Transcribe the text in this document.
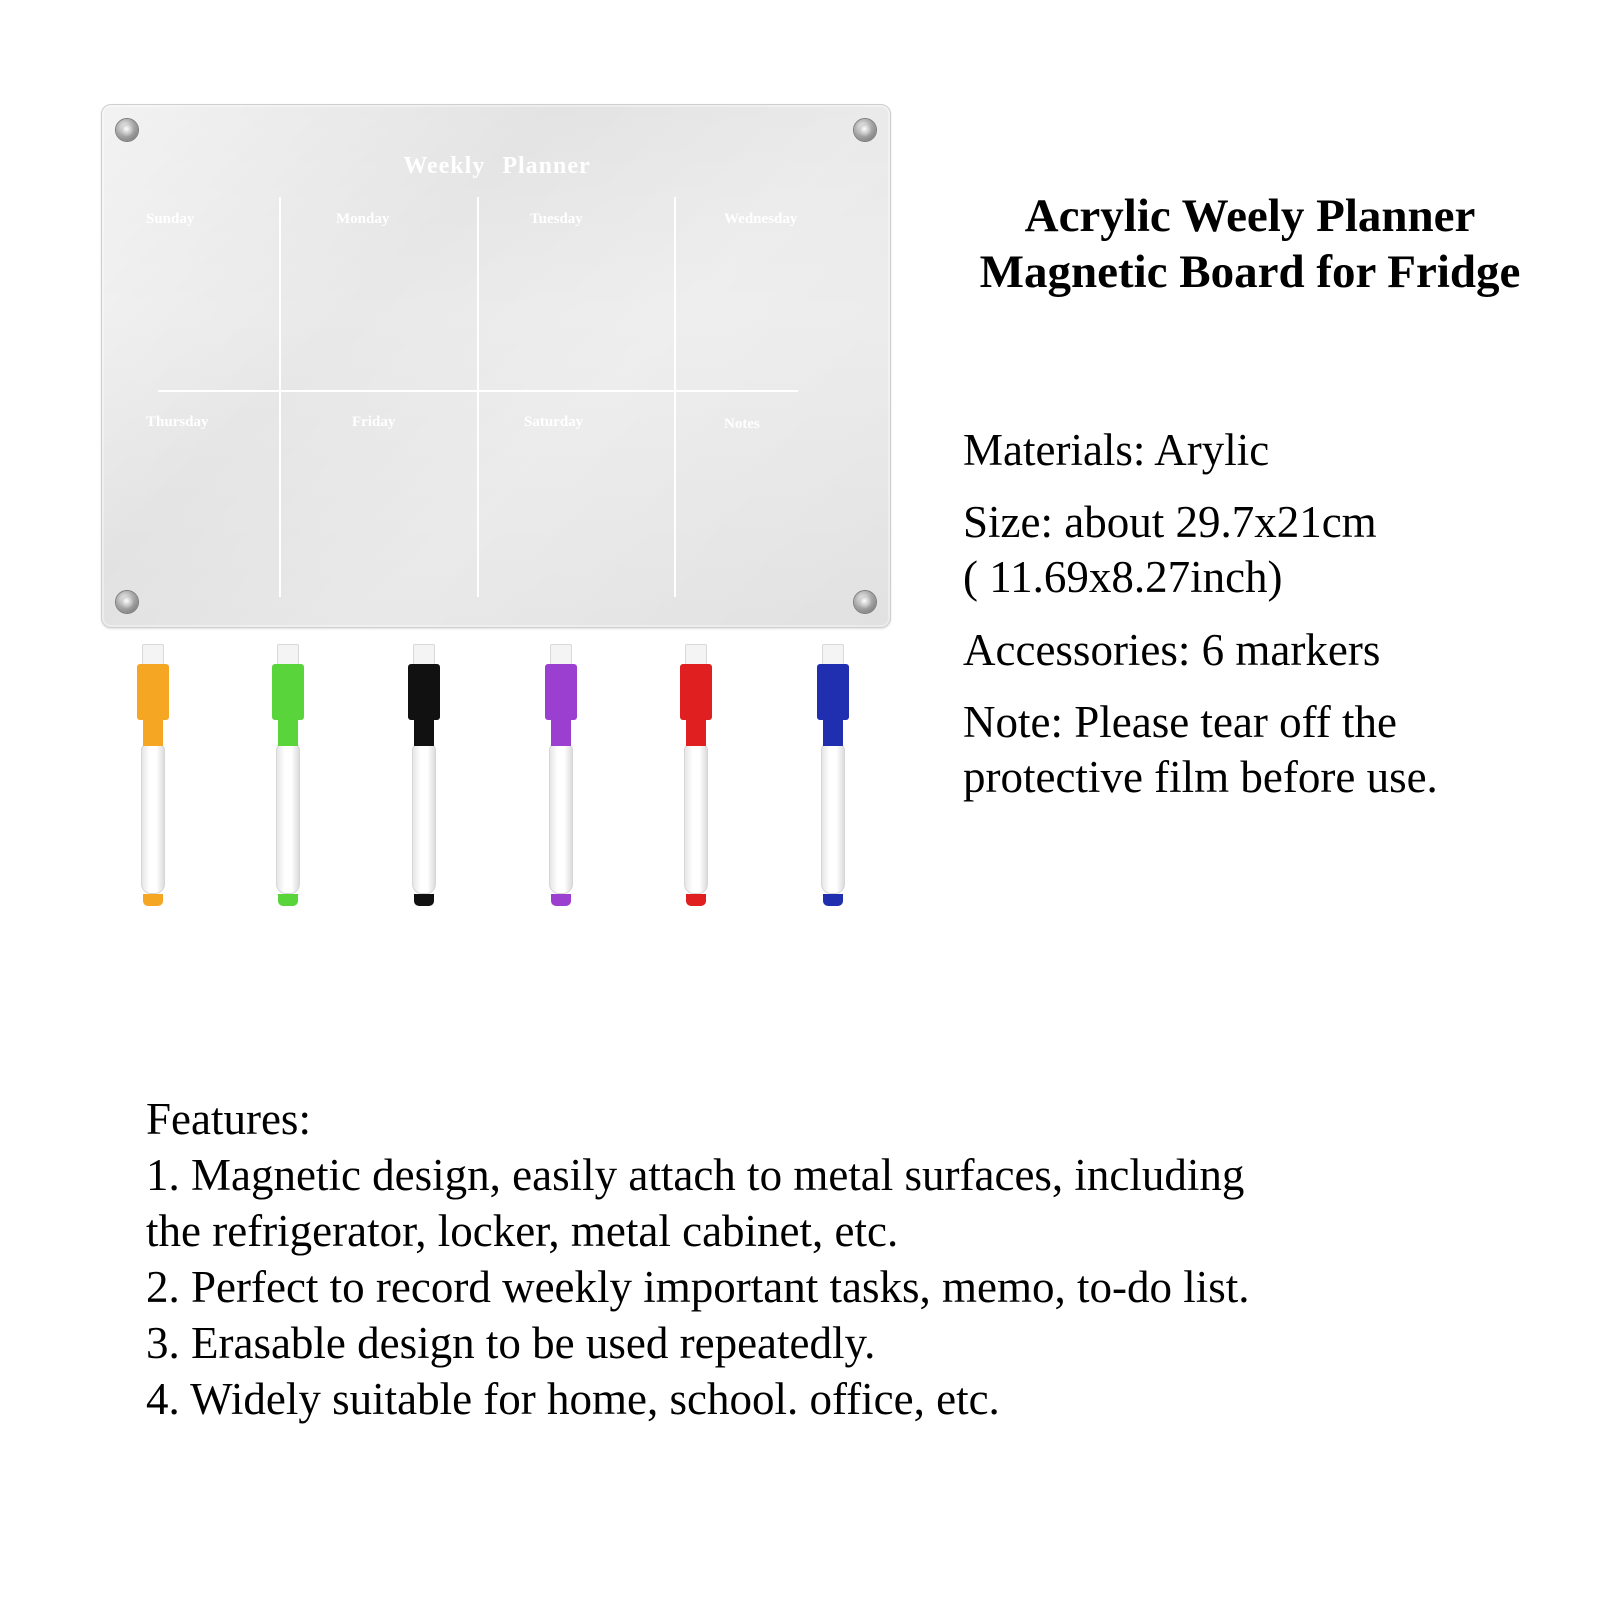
Weekly Planner
Sunday	Monday	Tuesday	Wednesday
Thursday	Friday	Saturday	Notes
Acrylic Weely Planner
Magnetic Board for Fridge
Materials: Arylic
Size: about 29.7x21cm
( 11.69x8.27inch)
Accessories: 6 markers
Note: Please tear off the
protective film before use.
Features:
1. Magnetic design, easily attach to metal surfaces, including
the refrigerator, locker, metal cabinet, etc.
2. Perfect to record weekly important tasks, memo, to-do list.
3. Erasable design to be used repeatedly.
4. Widely suitable for home, school. office, etc.
